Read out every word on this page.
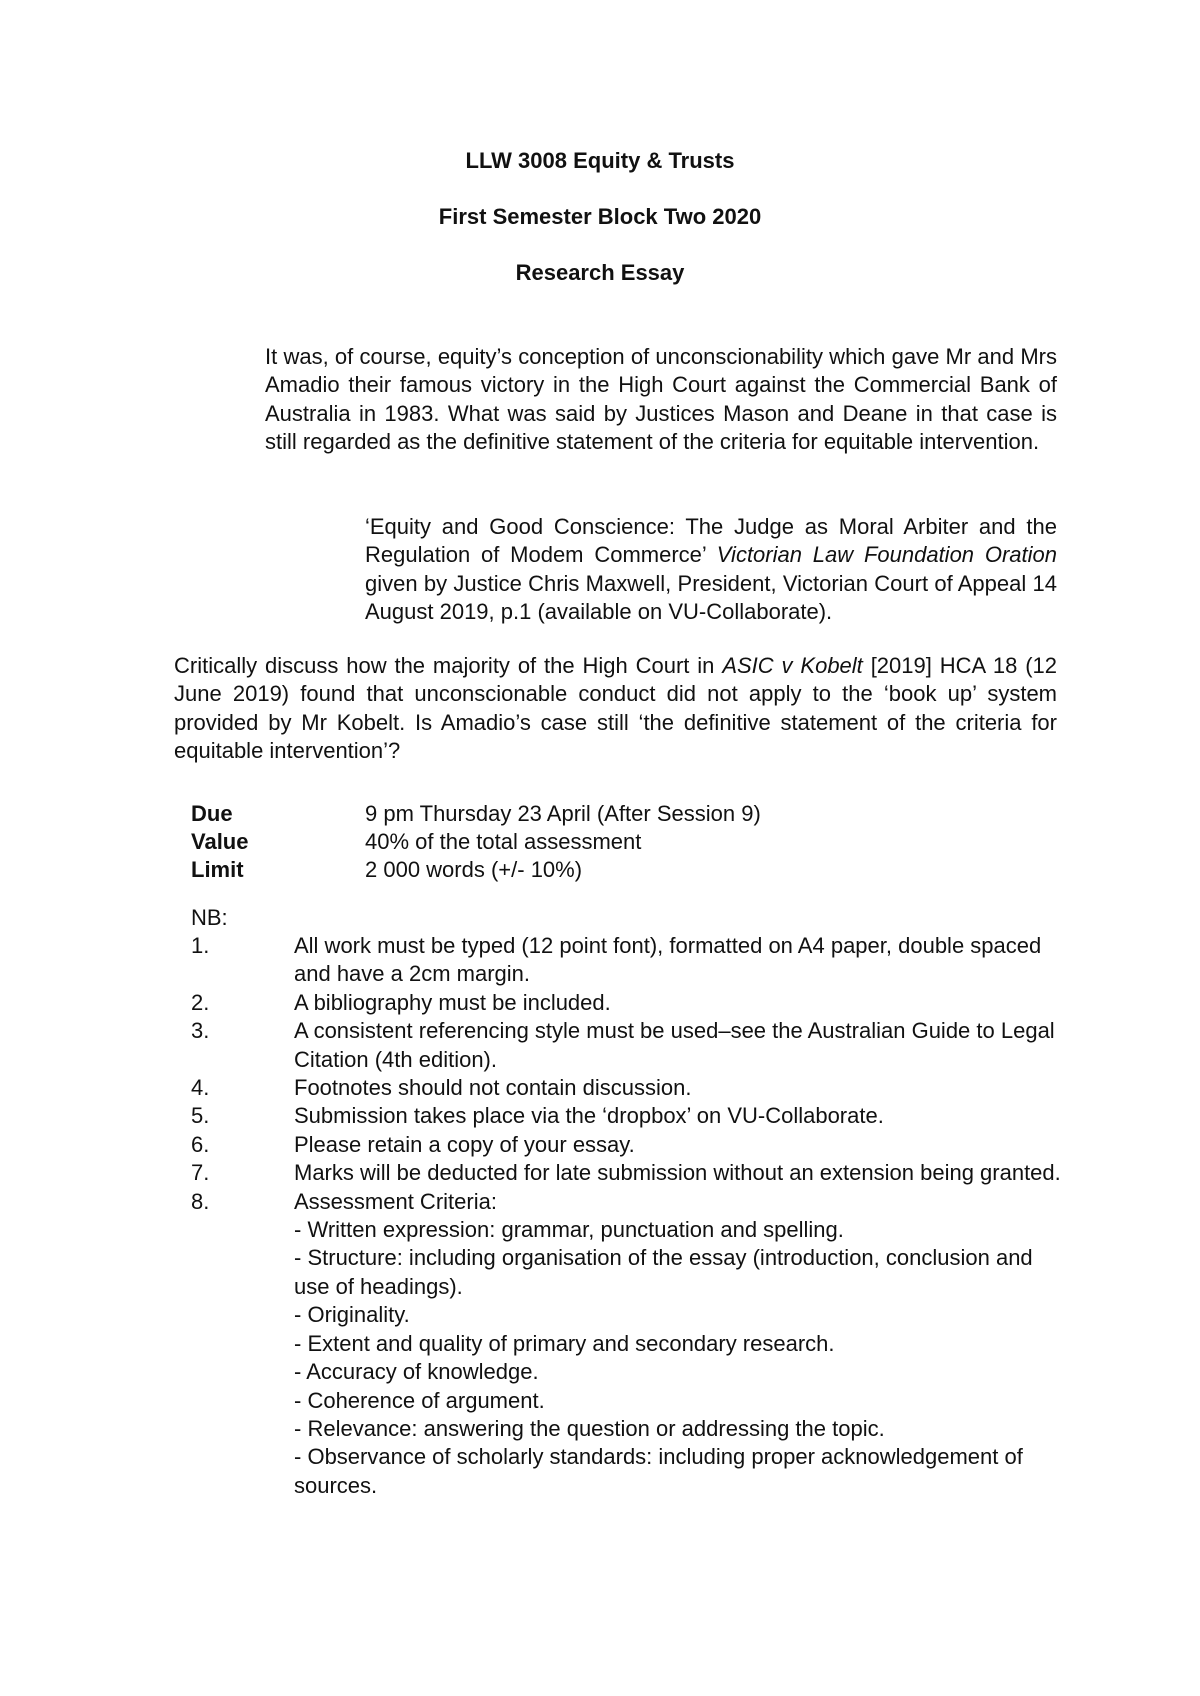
LLW 3008 Equity & Trusts
First Semester Block Two 2020
Research Essay

It was, of course, equity’s conception of unconscionability which gave Mr and Mrs Amadio their famous victory in the High Court against the Commercial Bank of Australia in 1983. What was said by Justices Mason and Deane in that case is still regarded as the definitive statement of the criteria for equitable intervention.

‘Equity and Good Conscience: The Judge as Moral Arbiter and the Regulation of Modem Commerce’ Victorian Law Foundation Oration given by Justice Chris Maxwell, President, Victorian Court of Appeal 14 August 2019, p.1 (available on VU-Collaborate).

Critically discuss how the majority of the High Court in ASIC v Kobelt [2019] HCA 18 (12 June 2019) found that unconscionable conduct did not apply to the ‘book up’ system provided by Mr Kobelt. Is Amadio’s case still ‘the definitive statement of the criteria for equitable intervention’?

Due	9 pm Thursday 23 April (After Session 9)
Value	40% of the total assessment
Limit	2 000 words (+/- 10%)
NB:
1.	All work must be typed (12 point font), formatted on A4 paper, double spaced and have a 2cm margin.
2.	A bibliography must be included.
3.	A consistent referencing style must be used–see the Australian Guide to Legal Citation (4th edition).
4.	Footnotes should not contain discussion.
5.	Submission takes place via the ‘dropbox’ on VU-Collaborate.
6.	Please retain a copy of your essay.
7.	Marks will be deducted for late submission without an extension being granted.
8.	Assessment Criteria:
- Written expression: grammar, punctuation and spelling.
- Structure: including organisation of the essay (introduction, conclusion and use of headings).
- Originality.
- Extent and quality of primary and secondary research.
- Accuracy of knowledge.
- Coherence of argument.
- Relevance: answering the question or addressing the topic.
- Observance of scholarly standards: including proper acknowledgement of sources.
